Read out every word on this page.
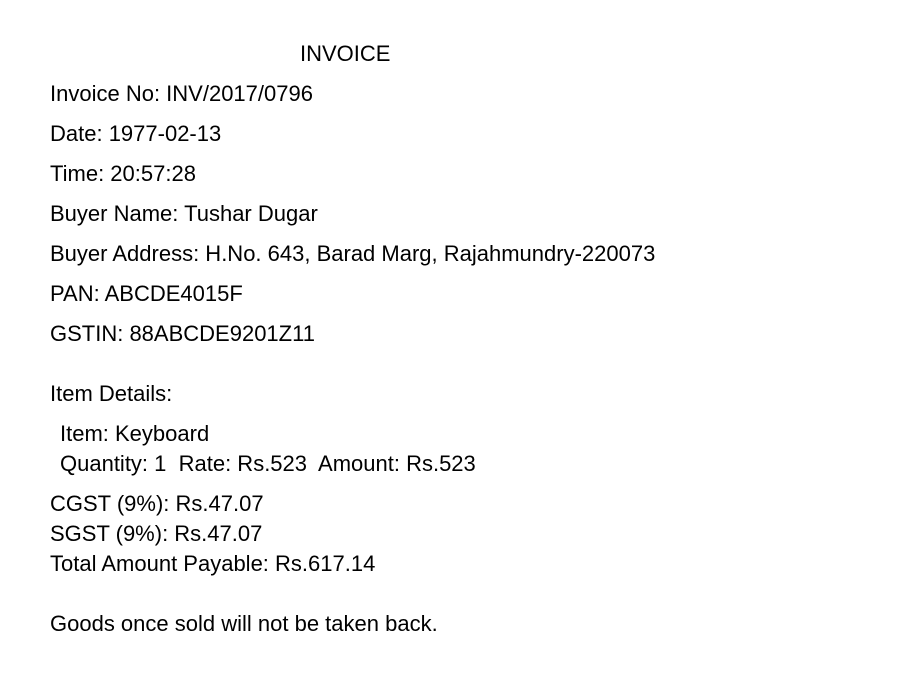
INVOICE

Invoice No: INV/2017/0796

Date: 1977-02-13

Time: 20:57:28

Buyer Name: Tushar Dugar

Buyer Address: H.No. 643, Barad Marg, Rajahmundry-220073

PAN: ABCDE4015F

GSTIN: 88ABCDE9201Z11

Item Details:

Item: Keyboard

Quantity: 1  Rate: Rs.523  Amount: Rs.523

CGST (9%): Rs.47.07

SGST (9%): Rs.47.07

Total Amount Payable: Rs.617.14

Goods once sold will not be taken back.
